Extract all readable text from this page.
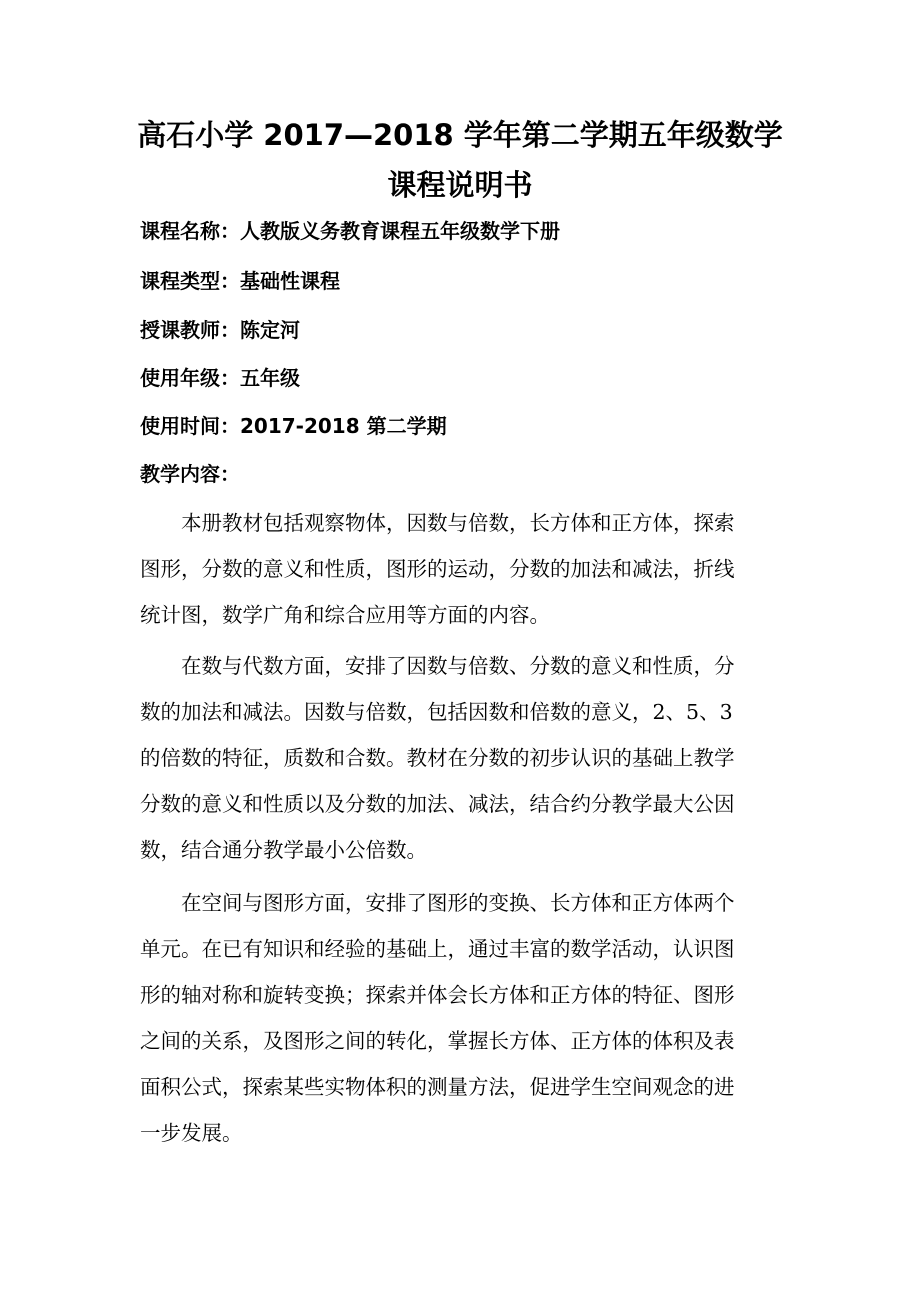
高石小学 2017—2018 学年第二学期五年级数学
课程说明书
课程名称：人教版义务教育课程五年级数学下册
课程类型：基础性课程
授课教师：陈定河
使用年级：五年级
使用时间：2017-2018 第二学期
教学内容：
本册教材包括观察物体，因数与倍数，长方体和正方体，探索
图形，分数的意义和性质，图形的运动，分数的加法和减法，折线
统计图，数学广角和综合应用等方面的内容。
在数与代数方面，安排了因数与倍数、分数的意义和性质，分
数的加法和减法。因数与倍数，包括因数和倍数的意义，2、5、3
的倍数的特征，质数和合数。教材在分数的初步认识的基础上教学
分数的意义和性质以及分数的加法、减法，结合约分教学最大公因
数，结合通分教学最小公倍数。
在空间与图形方面，安排了图形的变换、长方体和正方体两个
单元。在已有知识和经验的基础上，通过丰富的数学活动，认识图
形的轴对称和旋转变换；探索并体会长方体和正方体的特征、图形
之间的关系，及图形之间的转化，掌握长方体、正方体的体积及表
面积公式，探索某些实物体积的测量方法，促进学生空间观念的进
一步发展。
